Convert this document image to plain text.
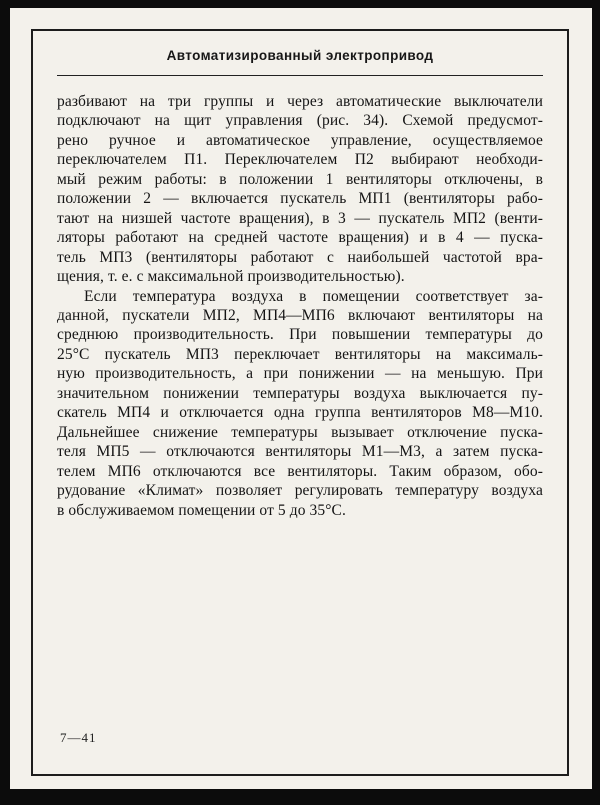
Автоматизированный электропривод
разбивают на три группы и через автоматические выключатели
подключают на щит управления (рис. 34). Схемой предусмот-
рено ручное и автоматическое управление, осуществляемое
переключателем П1. Переключателем П2 выбирают необходи-
мый режим работы: в положении 1 вентиляторы отключены, в
положении 2 — включается пускатель МП1 (вентиляторы рабо-
тают на низшей частоте вращения), в 3 — пускатель МП2 (венти-
ляторы работают на средней частоте вращения) и в 4 — пуска-
тель МП3 (вентиляторы работают с наибольшей частотой вра-
щения, т. е. с максимальной производительностью).
Если температура воздуха в помещении соответствует за-
данной, пускатели МП2, МП4—МП6 включают вентиляторы на
среднюю производительность. При повышении температуры до
25°С пускатель МП3 переключает вентиляторы на максималь-
ную производительность, а при понижении — на меньшую. При
значительном понижении температуры воздуха выключается пу-
скатель МП4 и отключается одна группа вентиляторов М8—М10.
Дальнейшее снижение температуры вызывает отключение пуска-
теля МП5 — отключаются вентиляторы М1—М3, а затем пуска-
телем МП6 отключаются все вентиляторы. Таким образом, обо-
рудование «Климат» позволяет регулировать температуру воздуха
в обслуживаемом помещении от 5 до 35°С.
7—41
